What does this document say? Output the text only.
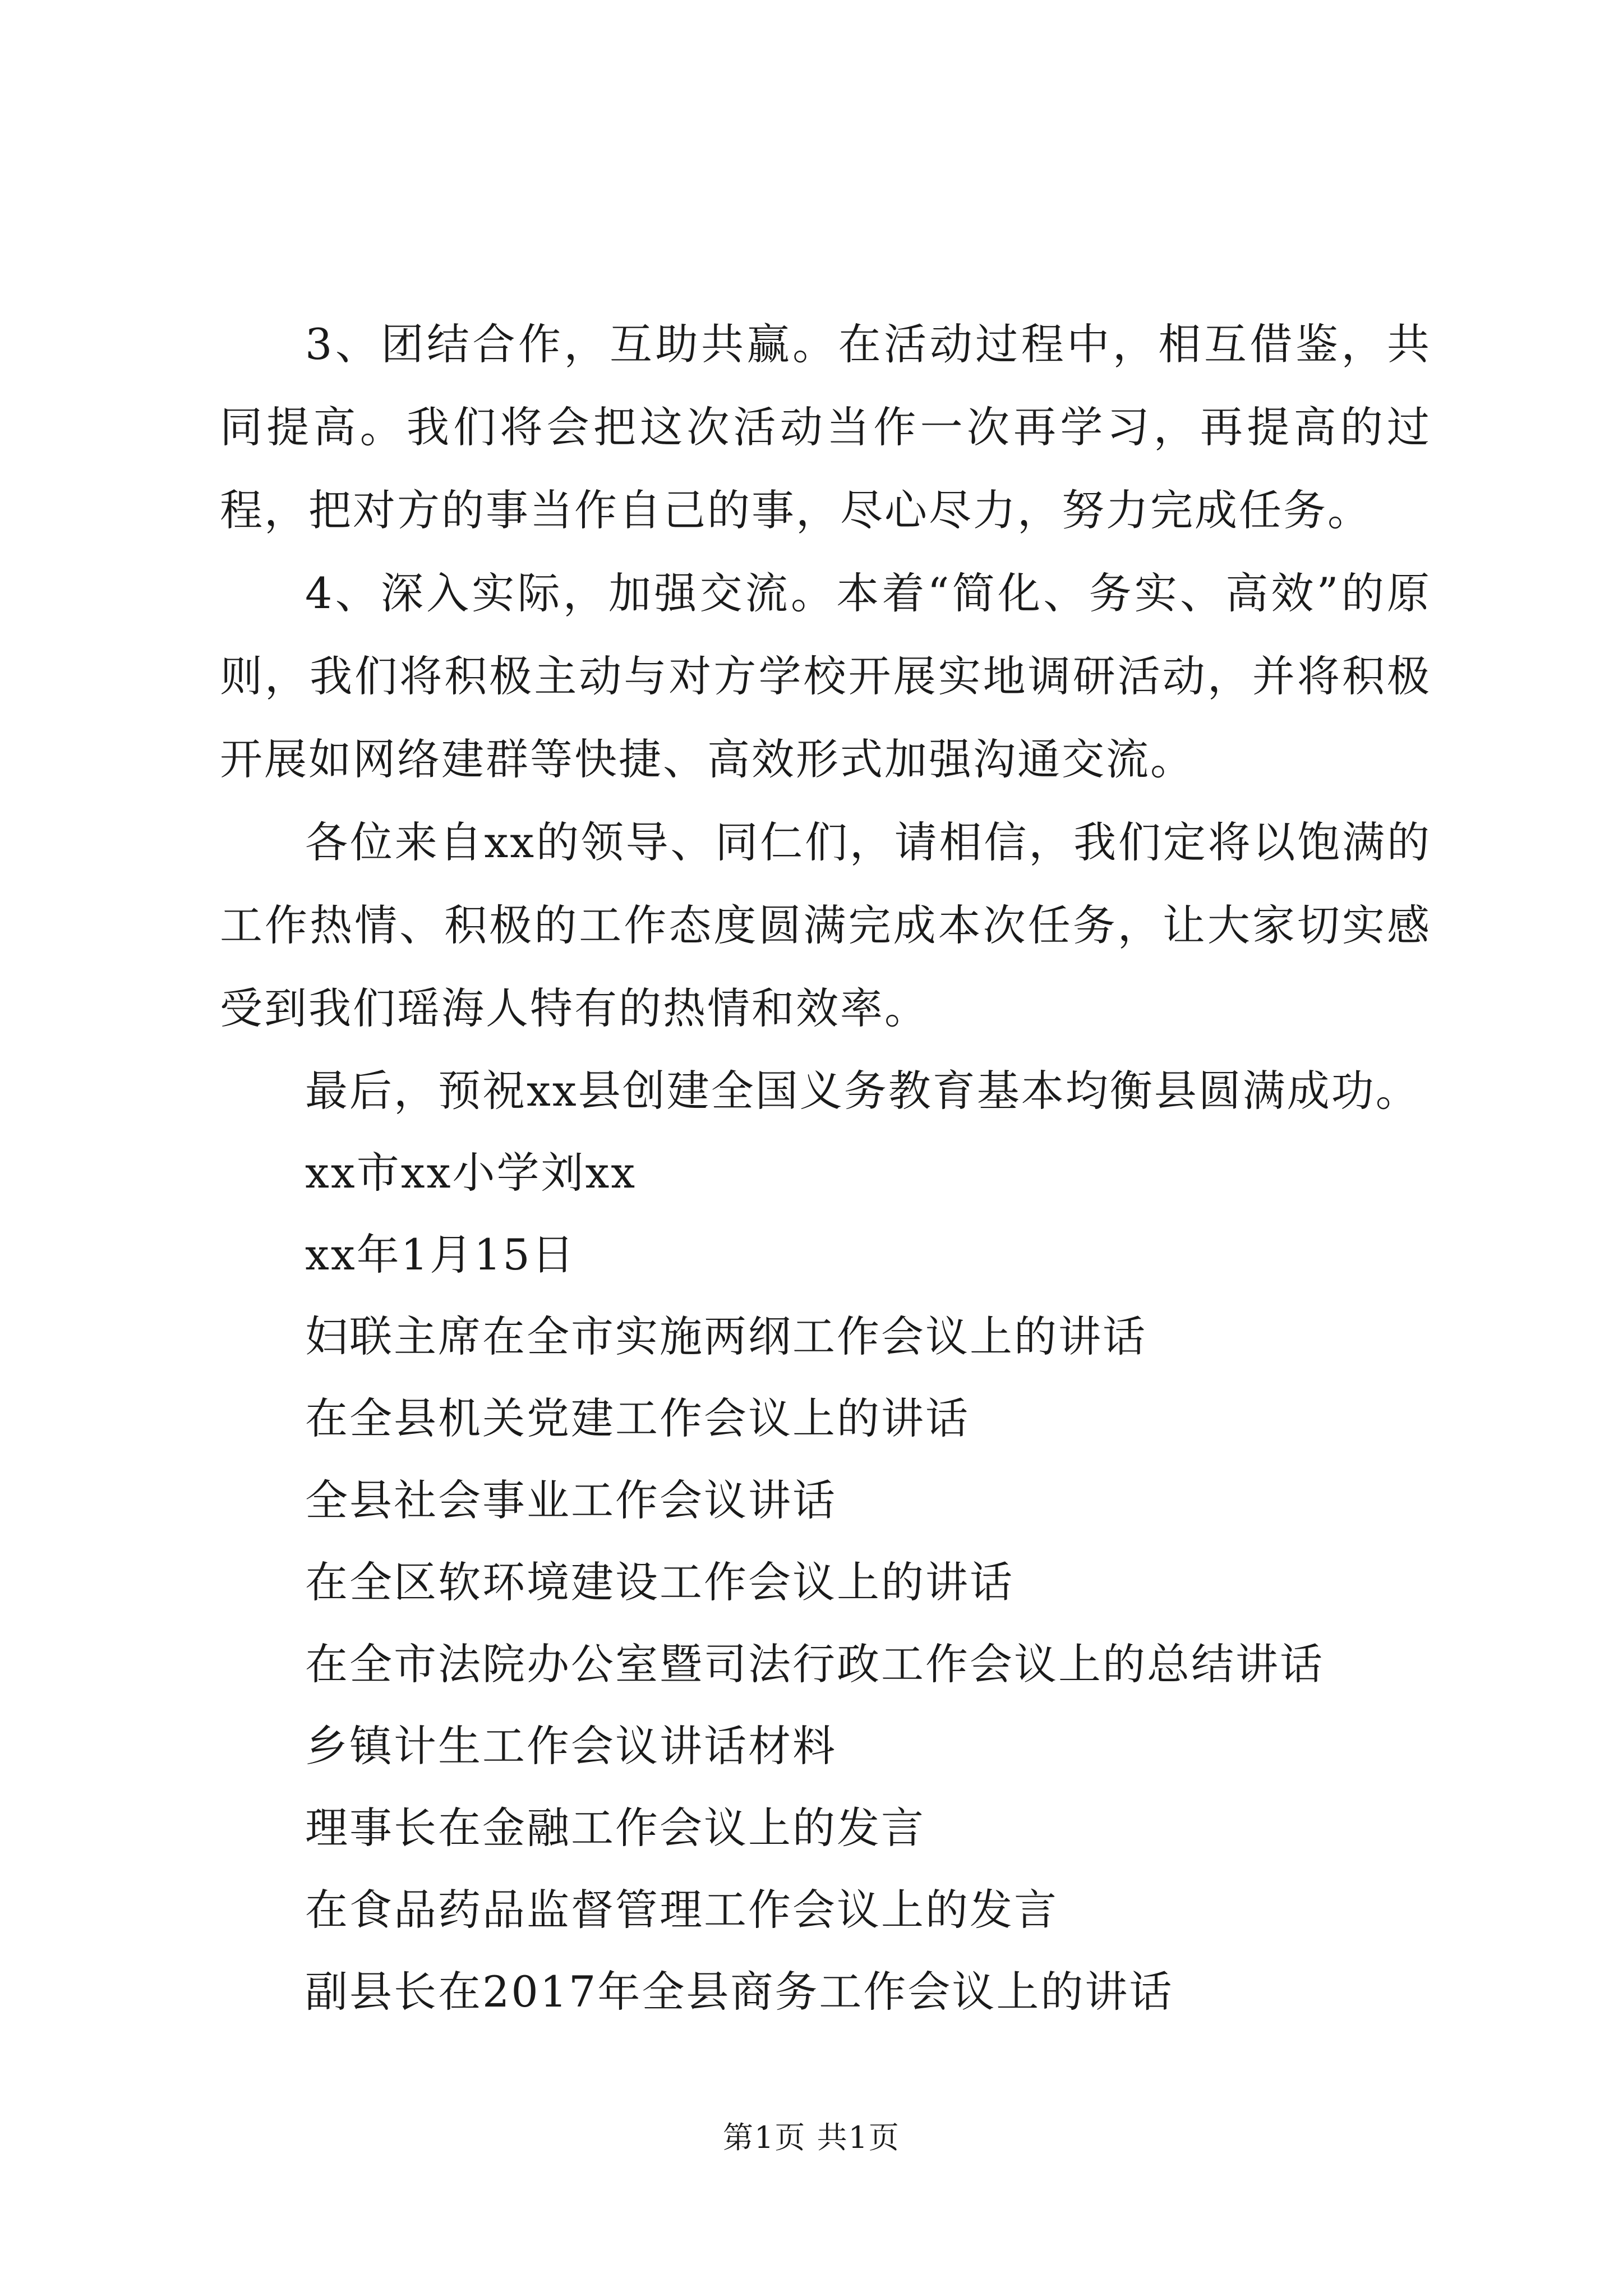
3、团结合作，互助共赢。在活动过程中，相互借鉴，共同提高。我们将会把这次活动当作一次再学习，再提高的过程，把对方的事当作自己的事，尽心尽力，努力完成任务。

4、深入实际，加强交流。本着“简化、务实、高效”的原则，我们将积极主动与对方学校开展实地调研活动，并将积极开展如网络建群等快捷、高效形式加强沟通交流。

各位来自xx的领导、同仁们，请相信，我们定将以饱满的工作热情、积极的工作态度圆满完成本次任务，让大家切实感受到我们瑶海人特有的热情和效率。

最后，预祝xx县创建全国义务教育基本均衡县圆满成功。

xx市xx小学刘xx

xx年1月15日

妇联主席在全市实施两纲工作会议上的讲话

在全县机关党建工作会议上的讲话

全县社会事业工作会议讲话

在全区软环境建设工作会议上的讲话

在全市法院办公室暨司法行政工作会议上的总结讲话

乡镇计生工作会议讲话材料

理事长在金融工作会议上的发言

在食品药品监督管理工作会议上的发言

副县长在2017年全县商务工作会议上的讲话

第1页 共1页
